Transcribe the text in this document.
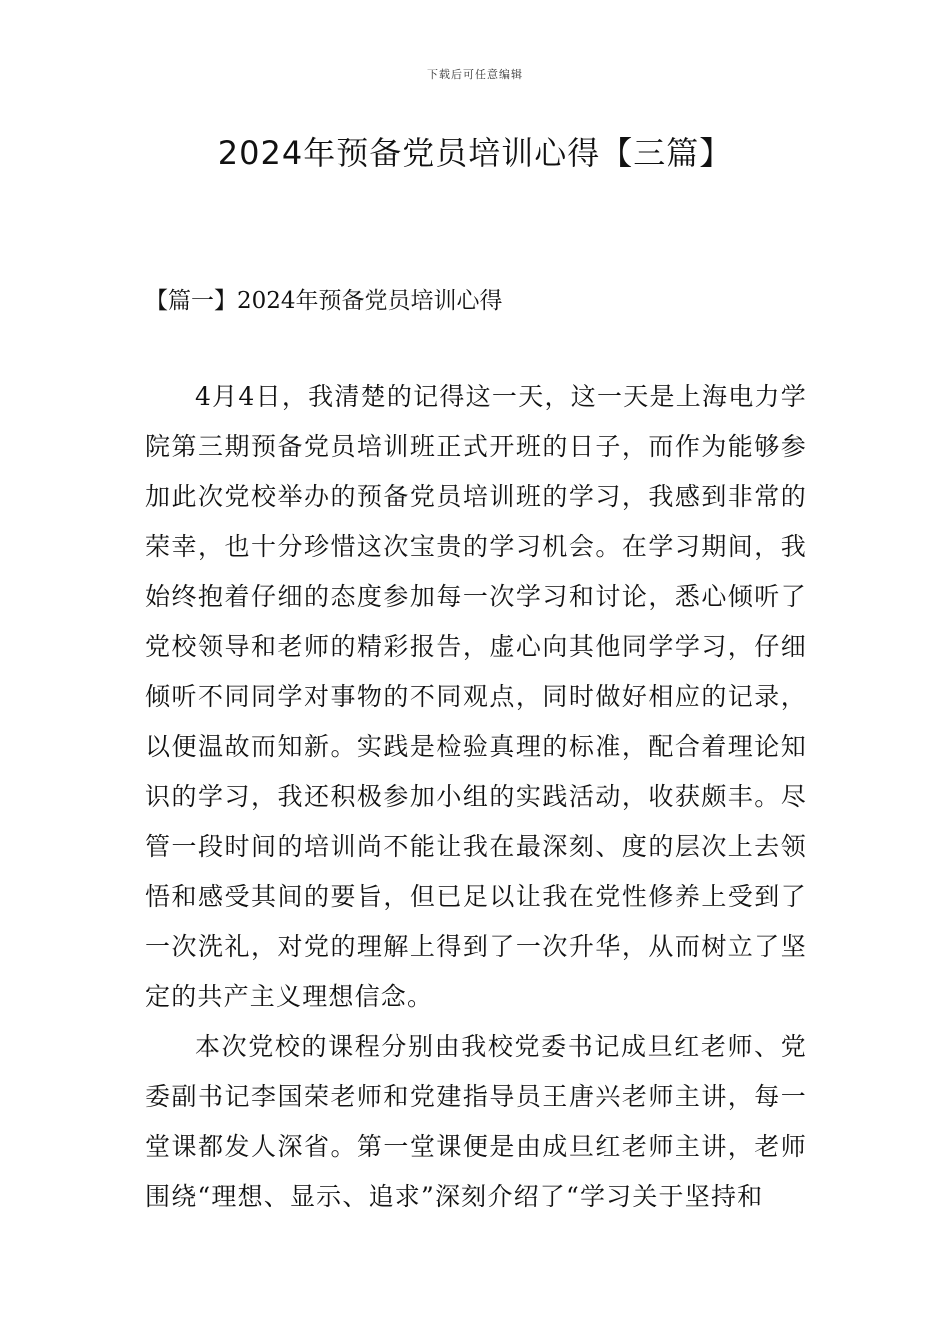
下载后可任意编辑
2024年预备党员培训心得【三篇】
【篇一】2024年预备党员培训心得

4月4日，我清楚的记得这一天，这一天是上海电力学院第三期预备党员培训班正式开班的日子，而作为能够参加此次党校举办的预备党员培训班的学习，我感到非常的荣幸，也十分珍惜这次宝贵的学习机会。在学习期间，我始终抱着仔细的态度参加每一次学习和讨论，悉心倾听了党校领导和老师的精彩报告，虚心向其他同学学习，仔细倾听不同同学对事物的不同观点，同时做好相应的记录，以便温故而知新。实践是检验真理的标准，配合着理论知识的学习，我还积极参加小组的实践活动，收获颇丰。尽管一段时间的培训尚不能让我在最深刻、度的层次上去领悟和感受其间的要旨，但已足以让我在党性修养上受到了一次洗礼，对党的理解上得到了一次升华，从而树立了坚定的共产主义理想信念。

本次党校的课程分别由我校党委书记成旦红老师、党委副书记李国荣老师和党建指导员王唐兴老师主讲，每一堂课都发人深省。第一堂课便是由成旦红老师主讲，老师围绕“理想、显示、追求”深刻介绍了“学习关于坚持和
